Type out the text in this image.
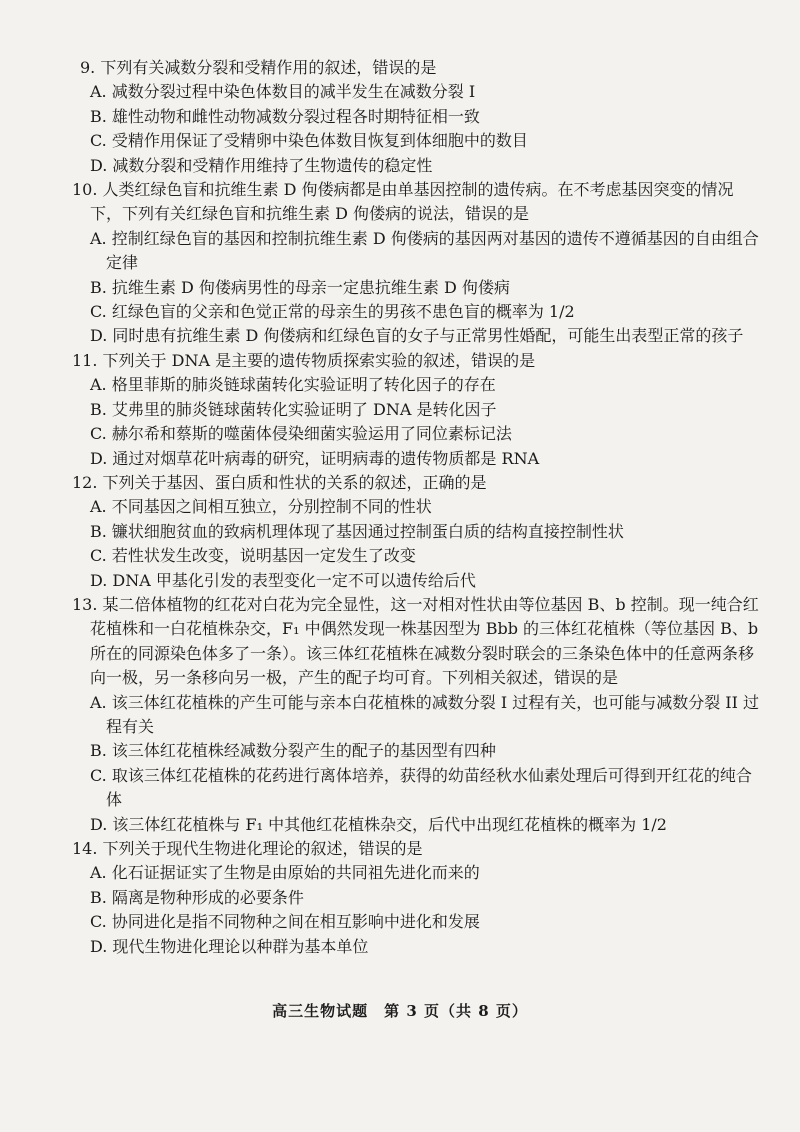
9. 下列有关减数分裂和受精作用的叙述，错误的是

A. 减数分裂过程中染色体数目的减半发生在减数分裂 I

B. 雄性动物和雌性动物减数分裂过程各时期特征相一致

C. 受精作用保证了受精卵中染色体数目恢复到体细胞中的数目

D. 减数分裂和受精作用维持了生物遗传的稳定性

10. 人类红绿色盲和抗维生素 D 佝偻病都是由单基因控制的遗传病。在不考虑基因突变的情况下，下列有关红绿色盲和抗维生素 D 佝偻病的说法，错误的是

A. 控制红绿色盲的基因和控制抗维生素 D 佝偻病的基因两对基因的遗传不遵循基因的自由组合定律

B. 抗维生素 D 佝偻病男性的母亲一定患抗维生素 D 佝偻病

C. 红绿色盲的父亲和色觉正常的母亲生的男孩不患色盲的概率为 1/2

D. 同时患有抗维生素 D 佝偻病和红绿色盲的女子与正常男性婚配，可能生出表型正常的孩子

11. 下列关于 DNA 是主要的遗传物质探索实验的叙述，错误的是

A. 格里菲斯的肺炎链球菌转化实验证明了转化因子的存在

B. 艾弗里的肺炎链球菌转化实验证明了 DNA 是转化因子

C. 赫尔希和蔡斯的噬菌体侵染细菌实验运用了同位素标记法

D. 通过对烟草花叶病毒的研究，证明病毒的遗传物质都是 RNA

12. 下列关于基因、蛋白质和性状的关系的叙述，正确的是

A. 不同基因之间相互独立，分别控制不同的性状

B. 镰状细胞贫血的致病机理体现了基因通过控制蛋白质的结构直接控制性状

C. 若性状发生改变，说明基因一定发生了改变

D. DNA 甲基化引发的表型变化一定不可以遗传给后代

13. 某二倍体植物的红花对白花为完全显性，这一对相对性状由等位基因 B、b 控制。现一纯合红花植株和一白花植株杂交，F₁ 中偶然发现一株基因型为 Bbb 的三体红花植株（等位基因 B、b 所在的同源染色体多了一条）。该三体红花植株在减数分裂时联会的三条染色体中的任意两条移向一极，另一条移向另一极，产生的配子均可育。下列相关叙述，错误的是

A. 该三体红花植株的产生可能与亲本白花植株的减数分裂 I 过程有关，也可能与减数分裂 II 过程有关

B. 该三体红花植株经减数分裂产生的配子的基因型有四种

C. 取该三体红花植株的花药进行离体培养，获得的幼苗经秋水仙素处理后可得到开红花的纯合体

D. 该三体红花植株与 F₁ 中其他红花植株杂交，后代中出现红花植株的概率为 1/2

14. 下列关于现代生物进化理论的叙述，错误的是

A. 化石证据证实了生物是由原始的共同祖先进化而来的

B. 隔离是物种形成的必要条件

C. 协同进化是指不同物种之间在相互影响中进化和发展

D. 现代生物进化理论以种群为基本单位

高三生物试题　第 3 页（共 8 页）
